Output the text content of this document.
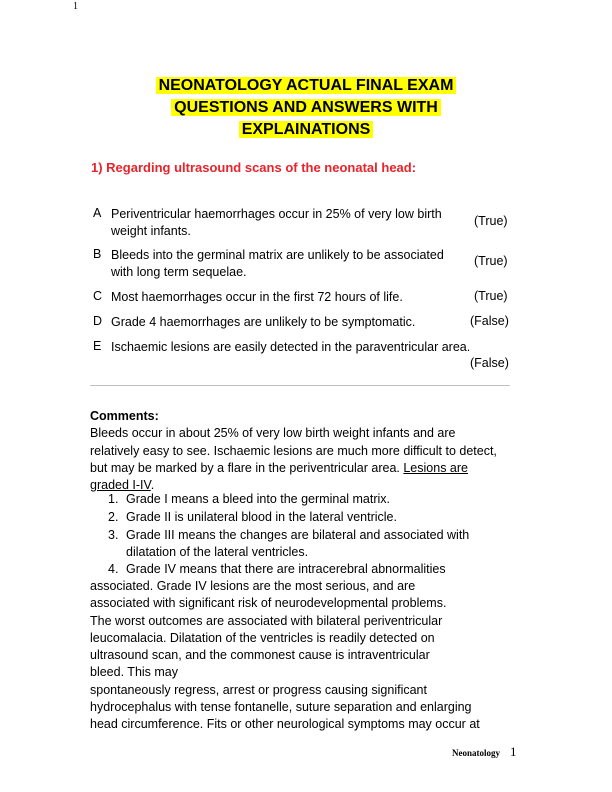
1
NEONATOLOGY ACTUAL FINAL EXAM
QUESTIONS AND ANSWERS WITH
EXPLAINATIONS
1) Regarding ultrasound scans of the neonatal head:
A Periventricular haemorrhages occur in 25% of very low birth weight infants.
(True)
B Bleeds into the germinal matrix are unlikely to be associated with long term sequelae.
(True)
C Most haemorrhages occur in the first 72 hours of life.	(True)
D Grade 4 haemorrhages are unlikely to be symptomatic.	(False)
E Ischaemic lesions are easily detected in the paraventricular area.
(False)
Comments:
Bleeds occur in about 25% of very low birth weight infants and are relatively easy to see. Ischaemic lesions are much more difficult to detect, but may be marked by a flare in the periventricular area. Lesions are graded I-IV.
1. Grade I means a bleed into the germinal matrix.
2. Grade II is unilateral blood in the lateral ventricle.
3. Grade III means the changes are bilateral and associated with
dilatation of the lateral ventricles.
4. Grade IV means that there are intracerebral abnormalities
associated. Grade IV lesions are the most serious, and are
associated with significant risk of neurodevelopmental problems.
The worst outcomes are associated with bilateral periventricular
leucomalacia. Dilatation of the ventricles is readily detected on
ultrasound scan, and the commonest cause is intraventricular
bleed. This may
spontaneously regress, arrest or progress causing significant
hydrocephalus with tense fontanelle, suture separation and enlarging
head circumference. Fits or other neurological symptoms may occur at
Neonatology 1
